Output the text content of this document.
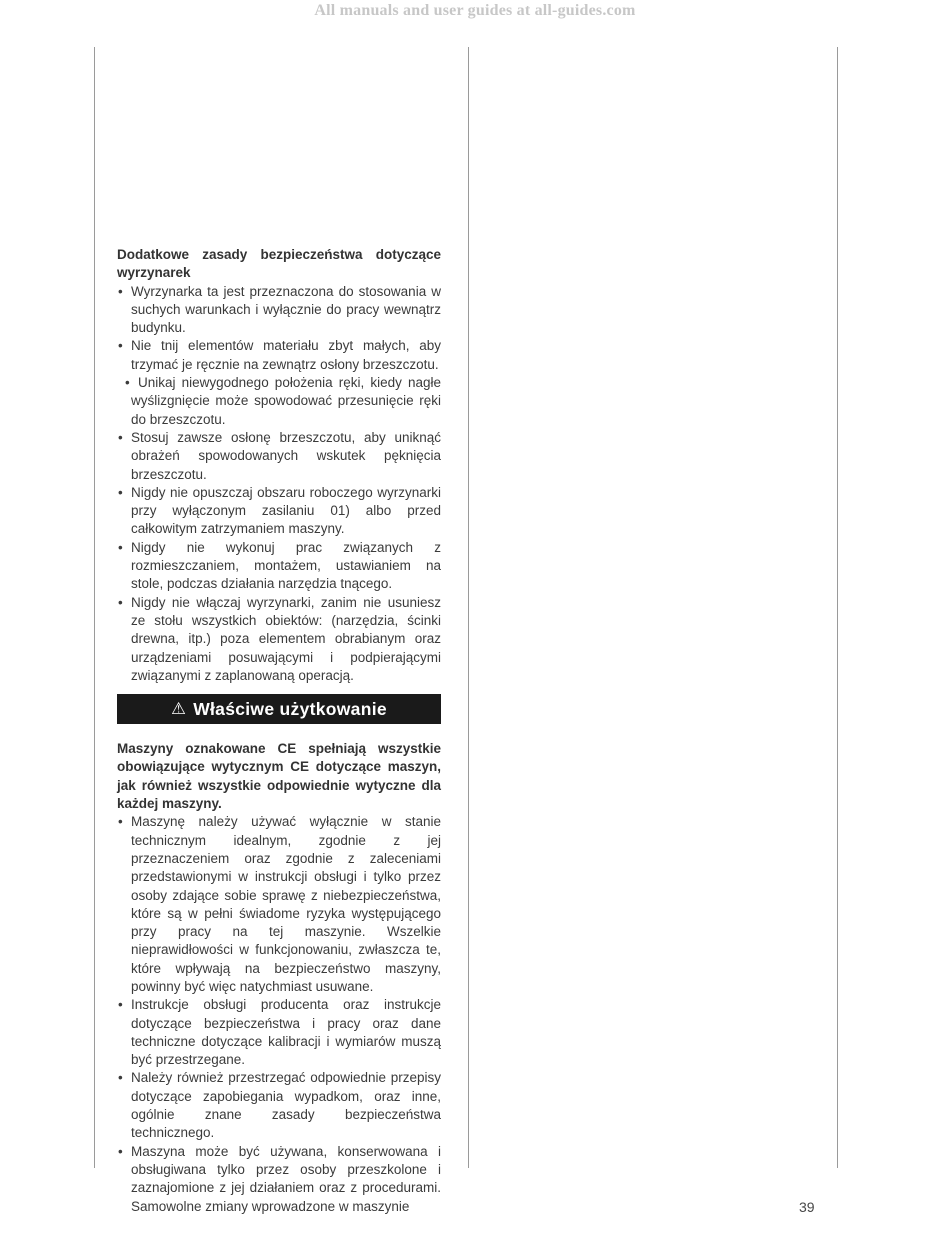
All manuals and user guides at all-guides.com
Dodatkowe zasady bezpieczeństwa dotyczące wyrzynarek
• Wyrzynarka ta jest przeznaczona do stosowania w suchych warunkach i wyłącznie do pracy wewnątrz budynku.
• Nie tnij elementów materiału zbyt małych, aby trzymać je ręcznie na zewnątrz osłony brzeszczotu.
• Unikaj niewygodnego położenia ręki, kiedy nagłe wyślizgnięcie może spowodować przesunięcie ręki do brzeszczotu.
• Stosuj zawsze osłonę brzeszczotu, aby uniknąć obrażeń spowodowanych wskutek pęknięcia brzeszczotu.
• Nigdy nie opuszczaj obszaru roboczego wyrzynarki przy wyłączonym zasilaniu 01) albo przed całkowitym zatrzymaniem maszyny.
• Nigdy nie wykonuj prac związanych z rozmieszczaniem, montażem, ustawianiem na stole, podczas działania narzędzia tnącego.
• Nigdy nie włączaj wyrzynarki, zanim nie usuniesz ze stołu wszystkich obiektów: (narzędzia, ścinki drewna, itp.) poza elementem obrabianym oraz urządzeniami posuwającymi i podpierającymi związanymi z zaplanowaną operacją.
⚠ Właściwe użytkowanie
Maszyny oznakowane CE spełniają wszystkie obowiązujące wytycznym CE dotyczące maszyn, jak również wszystkie odpowiednie wytyczne dla każdej maszyny.
• Maszynę należy używać wyłącznie w stanie technicznym idealnym, zgodnie z jej przeznaczeniem oraz zgodnie z zaleceniami przedstawionymi w instrukcji obsługi i tylko przez osoby zdające sobie sprawę z niebezpieczeństwa, które są w pełni świadome ryzyka występującego przy pracy na tej maszynie. Wszelkie nieprawidłowości w funkcjonowaniu, zwłaszcza te, które wpływają na bezpieczeństwo maszyny, powinny być więc natychmiast usuwane.
• Instrukcje obsługi producenta oraz instrukcje dotyczące bezpieczeństwa i pracy oraz dane techniczne dotyczące kalibracji i wymiarów muszą być przestrzegane.
• Należy również przestrzegać odpowiednie przepisy dotyczące zapobiegania wypadkom, oraz inne, ogólnie znane zasady bezpieczeństwa technicznego.
• Maszyna może być używana, konserwowana i obsługiwana tylko przez osoby przeszkolone i zaznajomione z jej działaniem oraz z procedurami. Samowolne zmiany wprowadzone w maszynie	39
